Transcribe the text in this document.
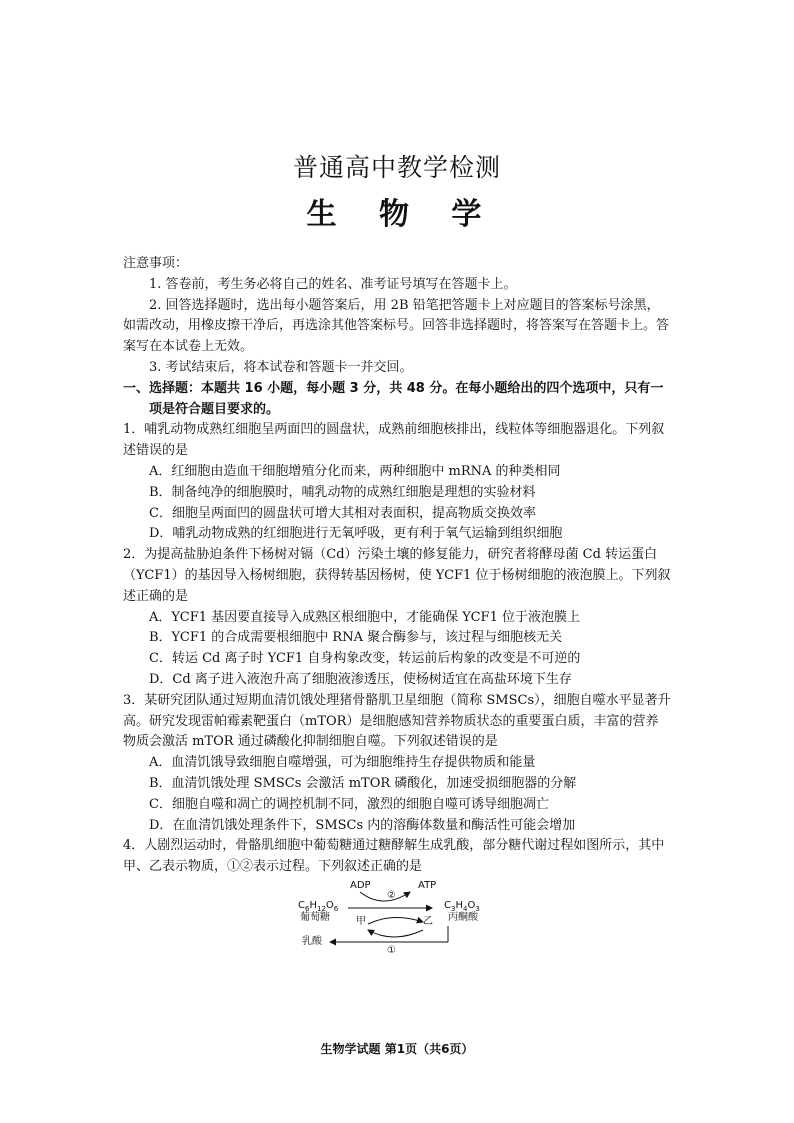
普通高中教学检测
生 物 学

注意事项：

1. 答卷前，考生务必将自己的姓名、准考证号填写在答题卡上。

2. 回答选择题时，选出每小题答案后，用 2B 铅笔把答题卡上对应题目的答案标号涂黑，如需改动，用橡皮擦干净后，再选涂其他答案标号。回答非选择题时，将答案写在答题卡上。答案写在本试卷上无效。

3. 考试结束后，将本试卷和答题卡一并交回。

一、选择题：本题共 16 小题，每小题 3 分，共 48 分。在每小题给出的四个选项中，只有一项是符合题目要求的。

1．哺乳动物成熟红细胞呈两面凹的圆盘状，成熟前细胞核排出，线粒体等细胞器退化。下列叙述错误的是

A．红细胞由造血干细胞增殖分化而来，两种细胞中 mRNA 的种类相同

B．制备纯净的细胞膜时，哺乳动物的成熟红细胞是理想的实验材料

C．细胞呈两面凹的圆盘状可增大其相对表面积，提高物质交换效率

D．哺乳动物成熟的红细胞进行无氧呼吸，更有利于氧气运输到组织细胞

2．为提高盐胁迫条件下杨树对镉（Cd）污染土壤的修复能力，研究者将酵母菌 Cd 转运蛋白（YCF1）的基因导入杨树细胞，获得转基因杨树，使 YCF1 位于杨树细胞的液泡膜上。下列叙述正确的是

A．YCF1 基因要直接导入成熟区根细胞中，才能确保 YCF1 位于液泡膜上

B．YCF1 的合成需要根细胞中 RNA 聚合酶参与，该过程与细胞核无关

C．转运 Cd 离子时 YCF1 自身构象改变，转运前后构象的改变是不可逆的

D．Cd 离子进入液泡升高了细胞液渗透压，使杨树适宜在高盐环境下生存

3．某研究团队通过短期血清饥饿处理猪骨骼肌卫星细胞（简称 SMSCs），细胞自噬水平显著升高。研究发现雷帕霉素靶蛋白（mTOR）是细胞感知营养物质状态的重要蛋白质，丰富的营养物质会激活 mTOR 通过磷酸化抑制细胞自噬。下列叙述错误的是

A．血清饥饿导致细胞自噬增强，可为细胞维持生存提供物质和能量

B．血清饥饿处理 SMSCs 会激活 mTOR 磷酸化，加速受损细胞器的分解

C．细胞自噬和凋亡的调控机制不同，激烈的细胞自噬可诱导细胞凋亡

D．在血清饥饿处理条件下，SMSCs 内的溶酶体数量和酶活性可能会增加

4．人剧烈运动时，骨骼肌细胞中葡萄糖通过糖酵解生成乳酸，部分糖代谢过程如图所示，其中甲、乙表示物质，①②表示过程。下列叙述正确的是

ADP	ATP
②
$C_6H_{12}O_6$
葡萄糖
$C_3H_4O_3$
丙酮酸
甲	乙
乳酸
①
生物学试题 第1页（共6页）
